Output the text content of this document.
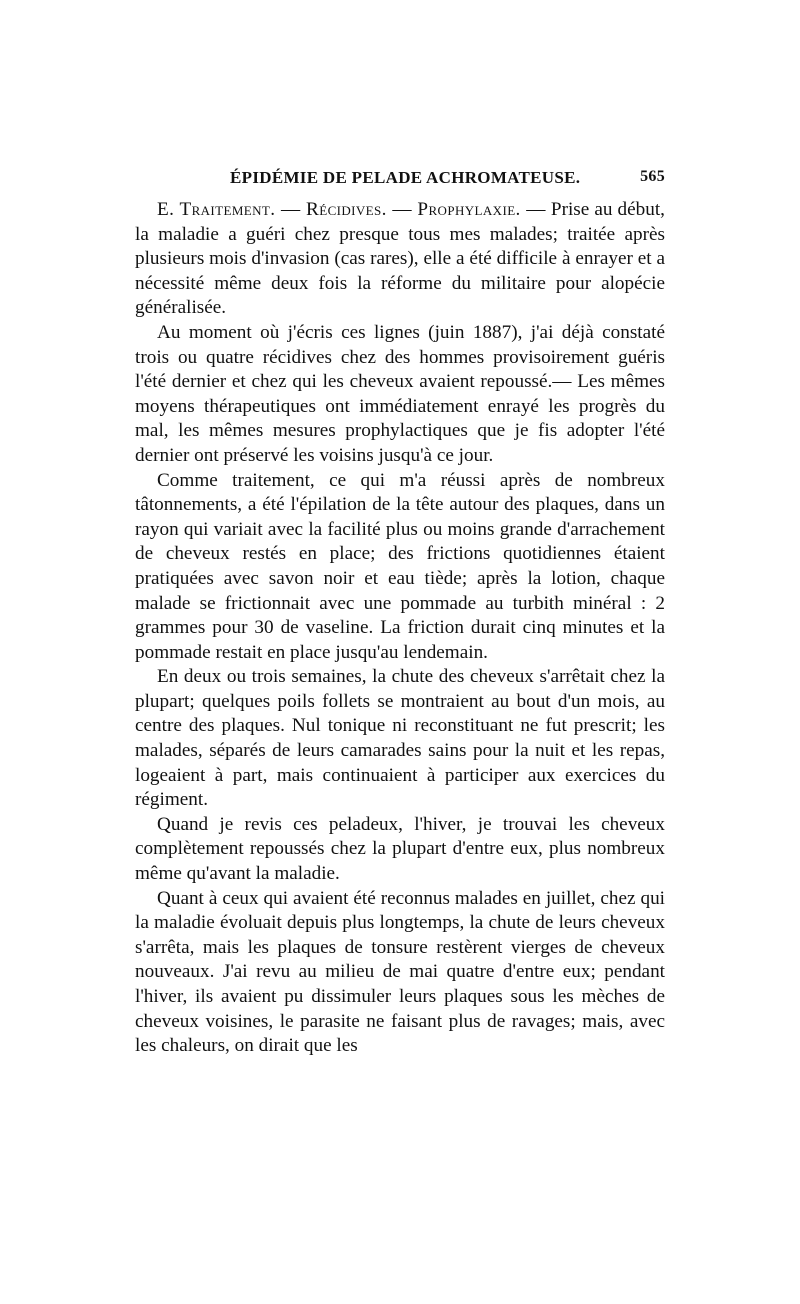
ÉPIDÉMIE DE PELADE ACHROMATEUSE.	565

E. Traitement. — Récidives. — Prophylaxie. — Prise au début, la maladie a guéri chez presque tous mes malades; traitée après plusieurs mois d'invasion (cas rares), elle a été difficile à enrayer et a nécessité même deux fois la réforme du militaire pour alopécie généralisée.

Au moment où j'écris ces lignes (juin 1887), j'ai déjà constaté trois ou quatre récidives chez des hommes provisoirement guéris l'été dernier et chez qui les cheveux avaient repoussé.— Les mêmes moyens thérapeutiques ont immédiatement enrayé les progrès du mal, les mêmes mesures prophylactiques que je fis adopter l'été dernier ont préservé les voisins jusqu'à ce jour.

Comme traitement, ce qui m'a réussi après de nombreux tâtonnements, a été l'épilation de la tête autour des plaques, dans un rayon qui variait avec la facilité plus ou moins grande d'arrachement de cheveux restés en place; des frictions quotidiennes étaient pratiquées avec savon noir et eau tiède; après la lotion, chaque malade se frictionnait avec une pommade au turbith minéral : 2 grammes pour 30 de vaseline. La friction durait cinq minutes et la pommade restait en place jusqu'au lendemain.

En deux ou trois semaines, la chute des cheveux s'arrêtait chez la plupart; quelques poils follets se montraient au bout d'un mois, au centre des plaques. Nul tonique ni reconstituant ne fut prescrit; les malades, séparés de leurs camarades sains pour la nuit et les repas, logeaient à part, mais continuaient à participer aux exercices du régiment.

Quand je revis ces peladeux, l'hiver, je trouvai les cheveux complètement repoussés chez la plupart d'entre eux, plus nombreux même qu'avant la maladie.

Quant à ceux qui avaient été reconnus malades en juillet, chez qui la maladie évoluait depuis plus longtemps, la chute de leurs cheveux s'arrêta, mais les plaques de tonsure restèrent vierges de cheveux nouveaux. J'ai revu au milieu de mai quatre d'entre eux; pendant l'hiver, ils avaient pu dissimuler leurs plaques sous les mèches de cheveux voisines, le parasite ne faisant plus de ravages; mais, avec les chaleurs, on dirait que les
